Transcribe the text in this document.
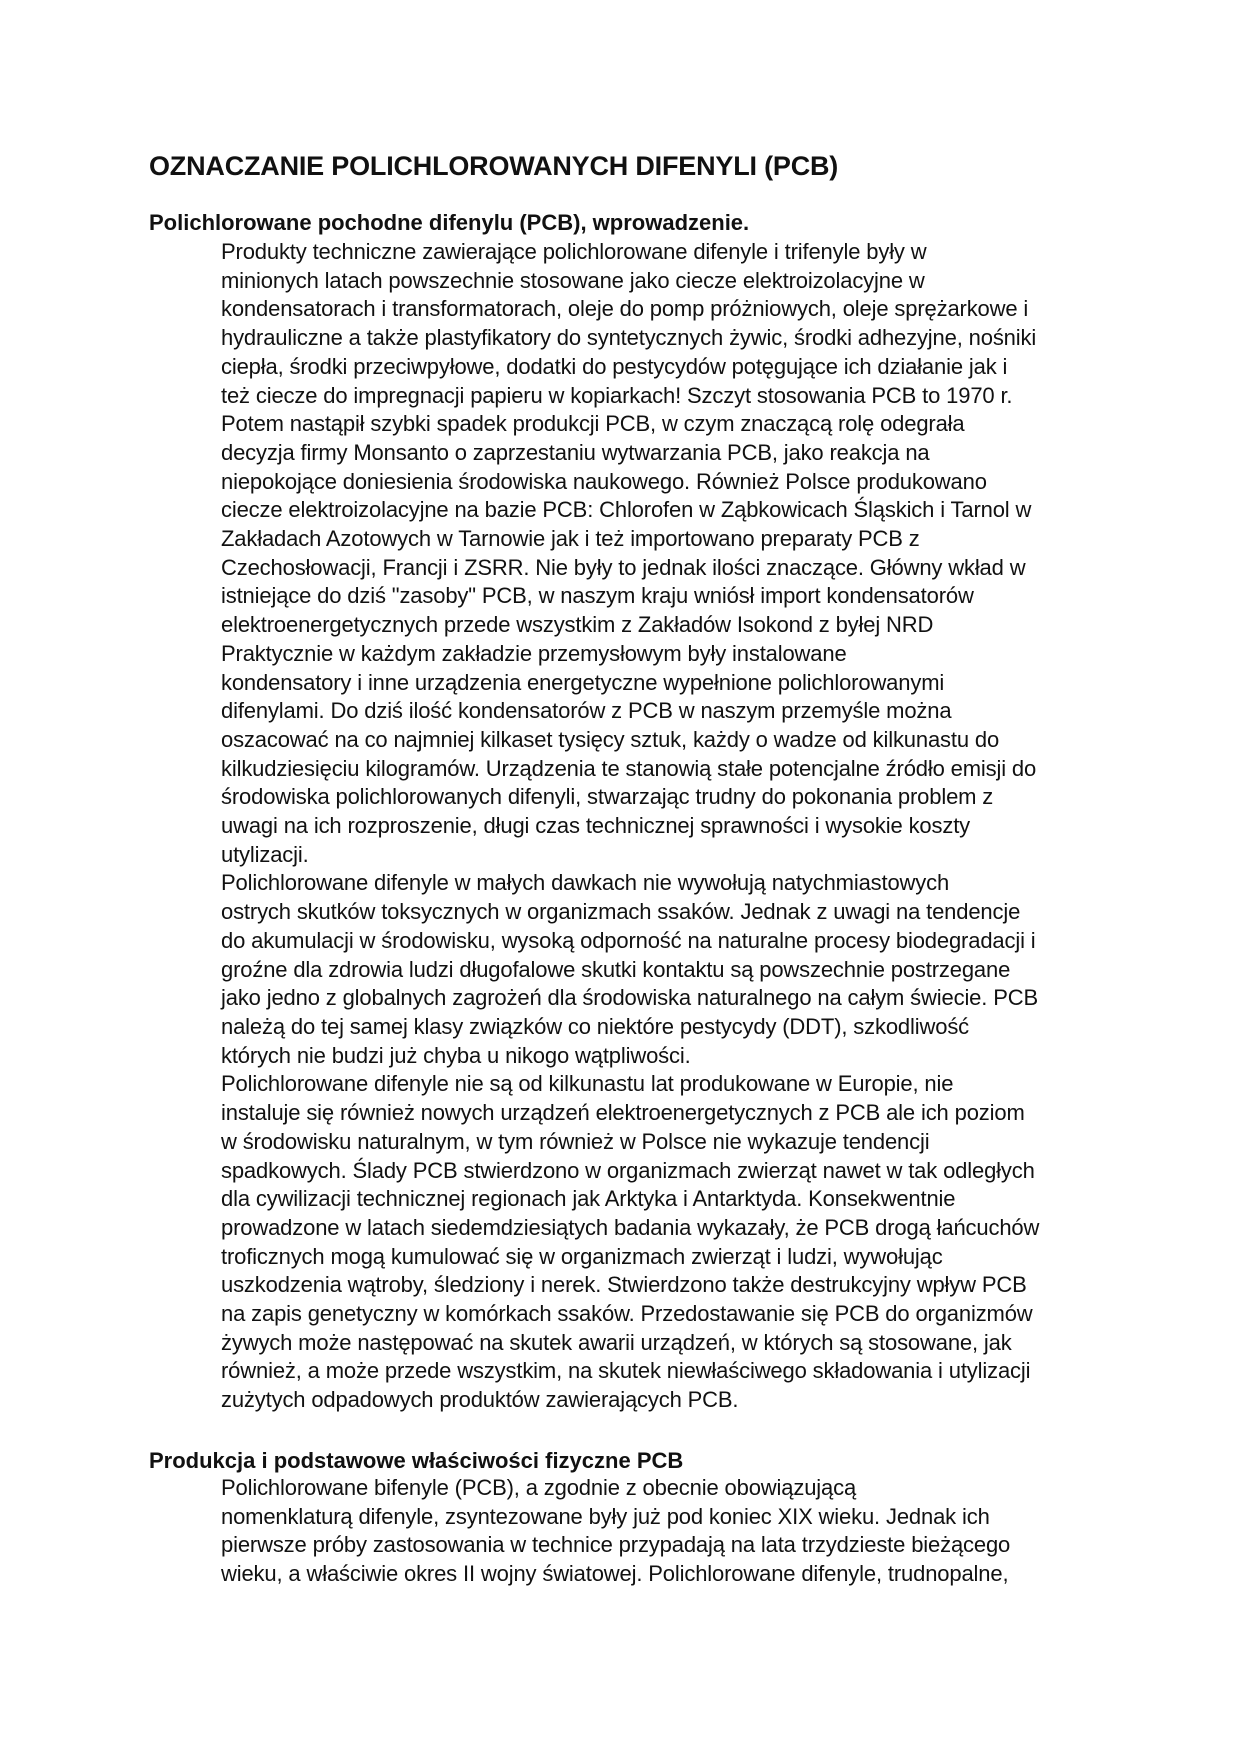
OZNACZANIE POLICHLOROWANYCH DIFENYLI (PCB)
Polichlorowane pochodne difenylu (PCB), wprowadzenie.

Produkty techniczne zawierające polichlorowane difenyle i trifenyle były w
minionych latach powszechnie stosowane jako ciecze elektroizolacyjne w
kondensatorach i transformatorach, oleje do pomp próżniowych, oleje sprężarkowe i
hydrauliczne a także plastyfikatory do syntetycznych żywic, środki adhezyjne, nośniki
ciepła, środki przeciwpyłowe, dodatki do pestycydów potęgujące ich działanie jak i
też ciecze do impregnacji papieru w kopiarkach! Szczyt stosowania PCB to 1970 r.
Potem nastąpił szybki spadek produkcji PCB, w czym znaczącą rolę odegrała
decyzja firmy Monsanto o zaprzestaniu wytwarzania PCB, jako reakcja na
niepokojące doniesienia środowiska naukowego. Również Polsce produkowano
ciecze elektroizolacyjne na bazie PCB: Chlorofen w Ząbkowicach Śląskich i Tarnol w
Zakładach Azotowych w Tarnowie jak i też importowano preparaty PCB z
Czechosłowacji, Francji i ZSRR. Nie były to jednak ilości znaczące. Główny wkład w
istniejące do dziś "zasoby" PCB, w naszym kraju wniósł import kondensatorów
elektroenergetycznych przede wszystkim z Zakładów Isokond z byłej NRD

Praktycznie w każdym zakładzie przemysłowym były instalowane
kondensatory i inne urządzenia energetyczne wypełnione polichlorowanymi
difenylami. Do dziś ilość kondensatorów z PCB w naszym przemyśle można
oszacować na co najmniej kilkaset tysięcy sztuk, każdy o wadze od kilkunastu do
kilkudziesięciu kilogramów. Urządzenia te stanowią stałe potencjalne źródło emisji do
środowiska polichlorowanych difenyli, stwarzając trudny do pokonania problem z
uwagi na ich rozproszenie, długi czas technicznej sprawności i wysokie koszty
utylizacji.

Polichlorowane difenyle w małych dawkach nie wywołują natychmiastowych
ostrych skutków toksycznych w organizmach ssaków. Jednak z uwagi na tendencje
do akumulacji w środowisku, wysoką odporność na naturalne procesy biodegradacji i
groźne dla zdrowia ludzi długofalowe skutki kontaktu są powszechnie postrzegane
jako jedno z globalnych zagrożeń dla środowiska naturalnego na całym świecie. PCB
należą do tej samej klasy związków co niektóre pestycydy (DDT), szkodliwość
których nie budzi już chyba u nikogo wątpliwości.

Polichlorowane difenyle nie są od kilkunastu lat produkowane w Europie, nie
instaluje się również nowych urządzeń elektroenergetycznych z PCB ale ich poziom
w środowisku naturalnym, w tym również w Polsce nie wykazuje tendencji
spadkowych. Ślady PCB stwierdzono w organizmach zwierząt nawet w tak odległych
dla cywilizacji technicznej regionach jak Arktyka i Antarktyda. Konsekwentnie
prowadzone w latach siedemdziesiątych badania wykazały, że PCB drogą łańcuchów
troficznych mogą kumulować się w organizmach zwierząt i ludzi, wywołując
uszkodzenia wątroby, śledziony i nerek. Stwierdzono także destrukcyjny wpływ PCB
na zapis genetyczny w komórkach ssaków. Przedostawanie się PCB do organizmów
żywych może następować na skutek awarii urządzeń, w których są stosowane, jak
również, a może przede wszystkim, na skutek niewłaściwego składowania i utylizacji
zużytych odpadowych produktów zawierających PCB.

Produkcja i podstawowe właściwości fizyczne PCB

Polichlorowane bifenyle (PCB), a zgodnie z obecnie obowiązującą
nomenklaturą difenyle, zsyntezowane były już pod koniec XIX wieku. Jednak ich
pierwsze próby zastosowania w technice przypadają na lata trzydzieste bieżącego
wieku, a właściwie okres II wojny światowej. Polichlorowane difenyle, trudnopalne,
